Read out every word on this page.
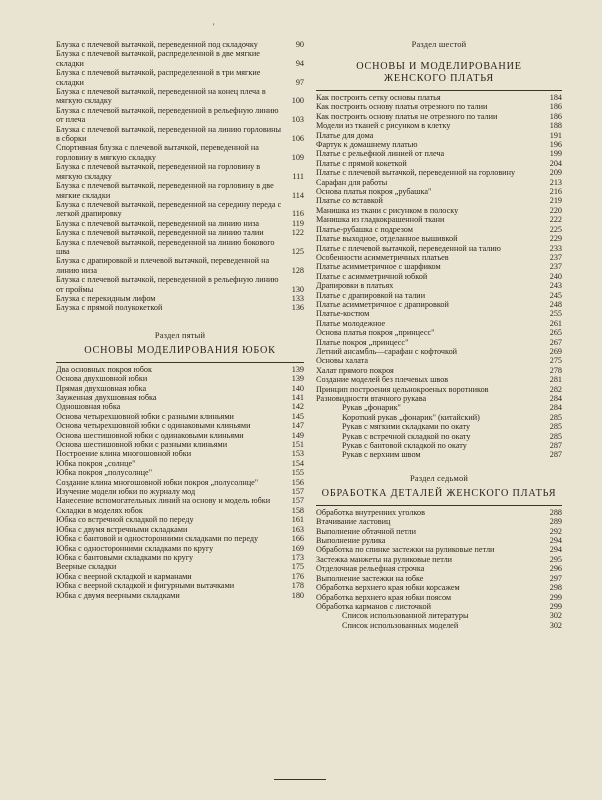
'
Блузка с плечевой вытачкой, переведенной под складочку	90
Блузка с плечевой вытачкой, распределенной в две мягкие складки	94
Блузка с плечевой вытачкой, распределенной в три мягкие складки	97
Блузка с плечевой вытачкой, переведенной на конец плеча в мягкую складку	100
Блузка с плечевой вытачкой, переведенной в рельефную линию от плеча	103
Блузка с плечевой вытачкой, переведенной на линию горловины в сборки	106
Спортивная блузка с плечевой вытачкой, переведенной на горловину в мягкую складку	109
Блузка с плечевой вытачкой, переведенной на горловину в мягкую складку	111
Блузка с плечевой вытачкой, переведенной на горловину в две мягкие складки	114
Блузка с плечевой вытачкой, переведенной на середину переда с легкой драпировку	116
Блузка с плечевой вытачкой, переведенной на линию низа	119
Блузка с плечевой вытачкой, переведенной на линию талии	122
Блузка с плечевой вытачкой, переведенной на линию бокового шва	125
Блузка с драпировкой и плечевой вытачкой, переведенной на линию низа	128
Блузка с плечевой вытачкой, переведенной в рельефную линию от проймы	130
Блузка с перекидным лифом	133
Блузка с прямой полукокеткой	136
Раздел пятый
ОСНОВЫ МОДЕЛИРОВАНИЯ ЮБОК
Два основных покроя юбок	139
Основа двухшовной юбки	139
Прямая двухшовная юбка	140
Зауженная двухшовная юбка	141
Одношовная юбка	142
Основа четырехшовной юбки с разными клиньями	145
Основа четырехшовной юбки с одинаковыми клиньями	147
Основа шестишовной юбки с одинаковыми клиньями	149
Основа шестишовной юбки с разными клиньями	151
Построение клина многошовной юбки	153
Юбка покроя „солнце"	154
Юбка покроя „полусолнце"	155
Создание клина многошовной юбки покроя „полусолнце"	156
Изучение модели юбки по журналу мод	157
Нанесение вспомогательных линий на основу и модель юбки	157
Складки в моделях юбок	158
Юбка со встречной складкой по переду	161
Юбка с двумя встречными складками	163
Юбка с бантовой и односторонними складками по переду	166
Юбка с односторонними складками по кругу	169
Юбка с бантовыми складками по кругу	173
Веерные складки	175
Юбка с веерной складкой и карманами	176
Юбка с веерной складкой и фигурными вытачками	178
Юбка с двумя веерными складками	180
Раздел шестой
ОСНОВЫ И МОДЕЛИРОВАНИЕ ЖЕНСКОГО ПЛАТЬЯ
Как построить сетку основы платья	184
Как построить основу платья отрезного по талии	186
Как построить основу платья не отрезного по талии	186
Модели из тканей с рисунком в клетку	188
Платье для дома	191
Фартук к домашнему платью	196
Платье с рельефной линией от плеча	199
Платье с прямой кокеткой	204
Платье с плечевой вытачкой, переведенной на горловину	209
Сарафан для работы	213
Основа платья покроя „рубашка"	216
Платье со вставкой	219
Манишка из ткани с рисунком в полоску	220
Манишка из гладкокрашенной ткани	222
Платье-рубашка с подрезом	225
Платье выходное, отделанное вышивкой	229
Платье с плечевой вытачкой, переведенной на талию	233
Особенности асимметричных платьев	237
Платье асимметричное с шарфиком	237
Платье с асимметричной юбкой	240
Драпировки в платьях	243
Платье с драпировкой на талии	245
Платье асимметричное с драпировкой	248
Платье-костюм	255
Платье молодежное	261
Основа платья покроя „принцесс"	265
Платье покроя „принцесс"	267
Летний ансамбль—сарафан с кофточкой	269
Основы халата	275
Халат прямого покроя	278
Создание моделей без плечевых швов	281
Принцип построения цельнокроеных воротников	282
Разновидности втачного рукава	284
Рукав „фонарик"	284
Короткий рукав „фонарик" (китайский)	285
Рукав с мягкими складками по окату	285
Рукав с встречной складкой по окату	285
Рукав с бантовой складкой по окату	287
Рукав с верхним швом	287
Раздел седьмой
ОБРАБОТКА ДЕТАЛЕЙ ЖЕНСКОГО ПЛАТЬЯ
Обработка внутренних уголков	288
Втачивание ластовиц	289
Выполнение обтачной петли	292
Выполнение рулика	294
Обработка по спинке застежки на руликовые петли	294
Застежка манжеты на руликовые петли	295
Отделочная рельефная строчка	296
Выполнение застежки на юбке	297
Обработка верхнего края юбки корсажем	298
Обработка верхнего края юбки поясом	299
Обработка карманов с листочкой	299
Список использованной литературы	302
Список использованных моделей	302
